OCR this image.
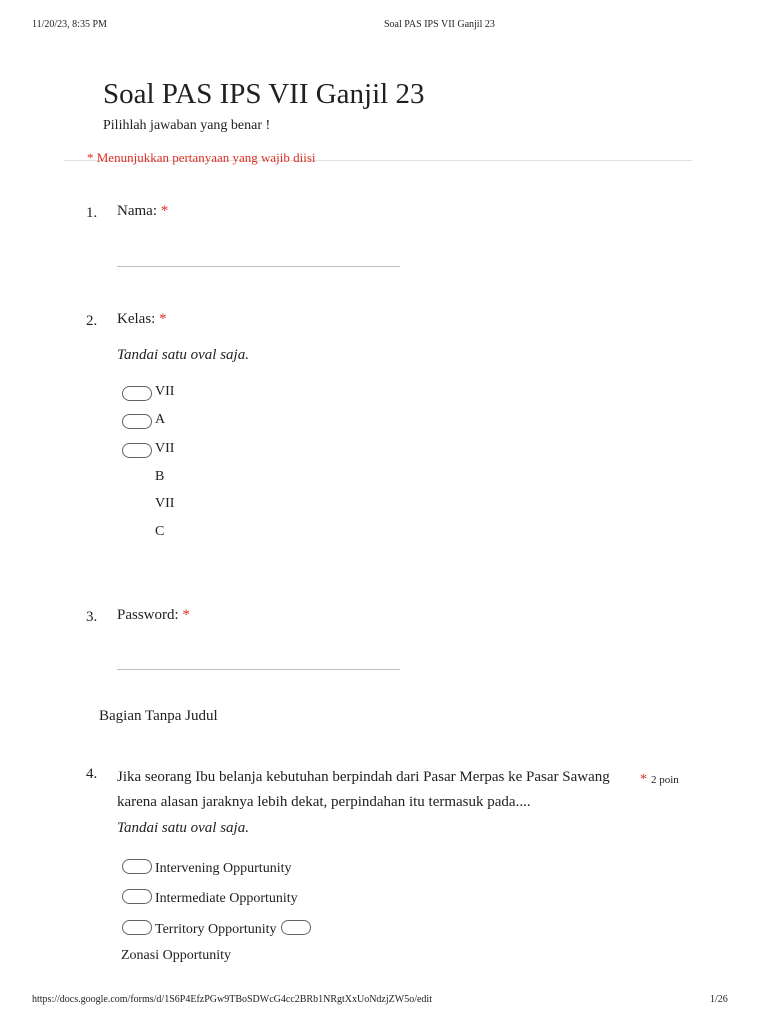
11/20/23, 8:35 PM	Soal PAS IPS VII Ganjil 23
Soal PAS IPS VII Ganjil 23
Pilihlah jawaban yang benar !
* Menunjukkan pertanyaan yang wajib diisi
1. Nama: *
2. Kelas: *
Tandai satu oval saja.
VII
A
VII
B
VII
C
3. Password: *
Bagian Tanpa Judul
4. Jika seorang Ibu belanja kebutuhan berpindah dari Pasar Merpas ke Pasar Sawang karena alasan jaraknya lebih dekat, perpindahan itu termasuk pada....
* 2 poin
Tandai satu oval saja.
Intervening Oppurtunity
Intermediate Opportunity
Territory Opportunity
Zonasi Opportunity
https://docs.google.com/forms/d/1S6P4EfzPGw9TBoSDWcG4cc2BRb1NRgtXxUoNdzjZW5o/edit	1/26
